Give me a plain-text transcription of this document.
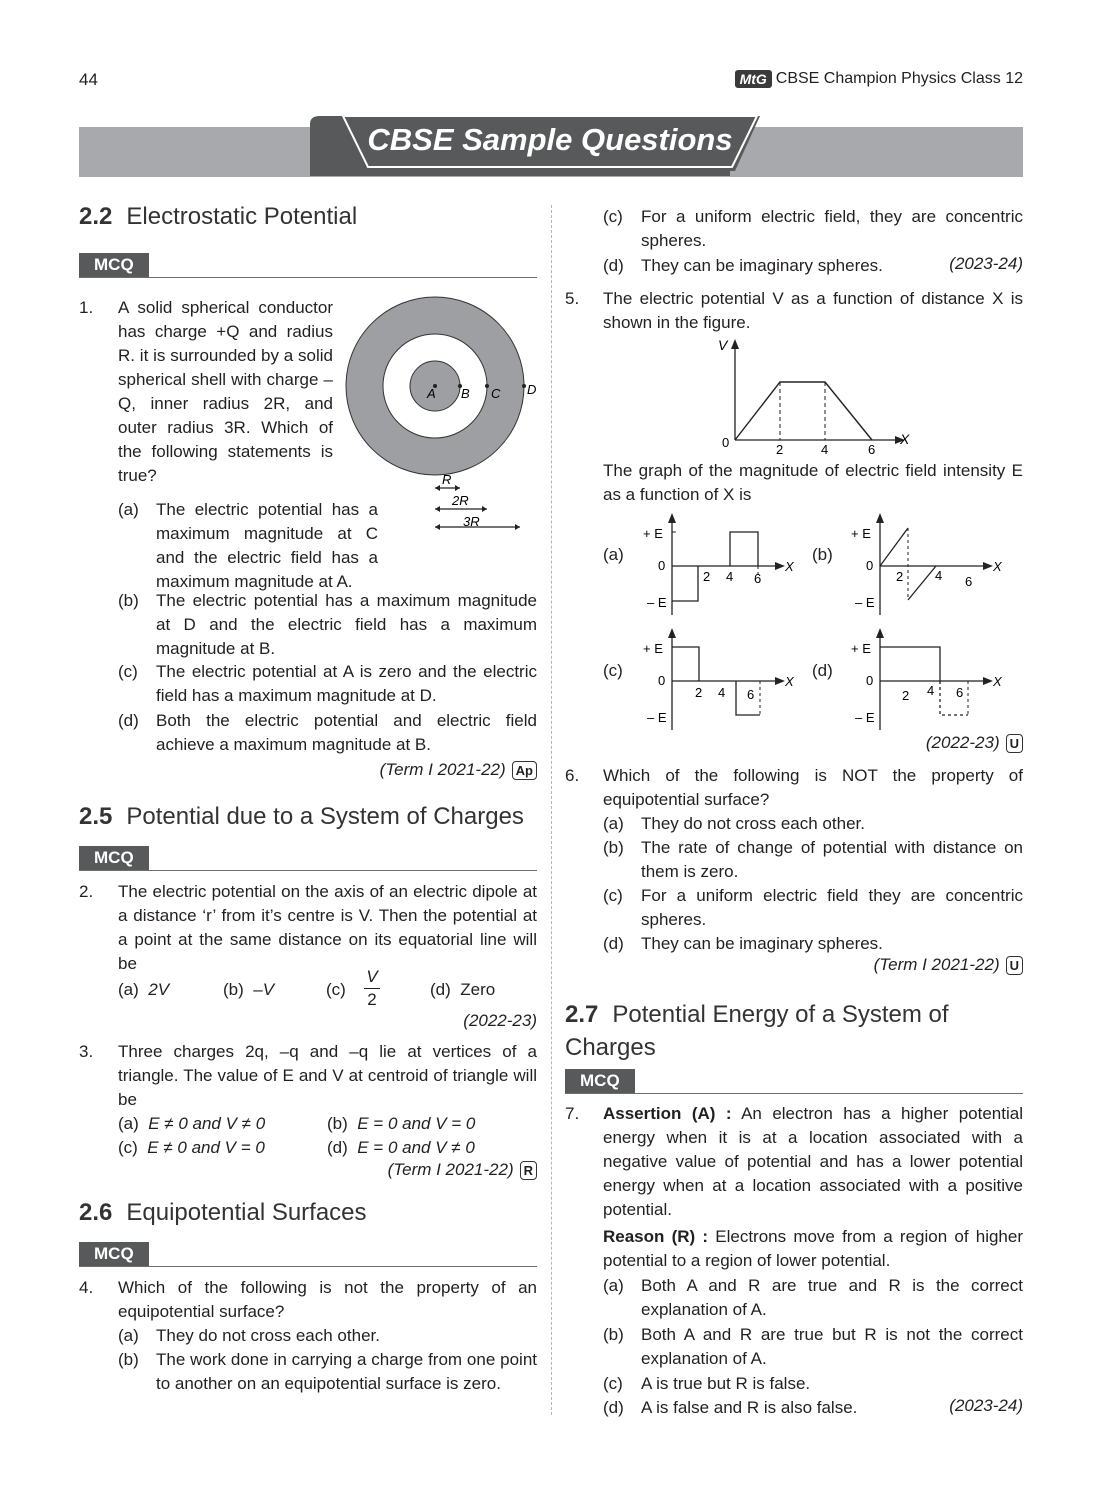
44	MtG CBSE Champion Physics Class 12
CBSE Sample Questions
2.2 Electrostatic Potential
MCQ
1.	A solid spherical conductor has charge +Q and radius R. it is surrounded by a solid spherical shell with charge –Q, inner radius 2R, and outer radius 3R. Which of the following statements is true?
A B C D
R
2R
3R
(a)	The electric potential has a maximum magnitude at C and the electric field has a maximum magnitude at A.
(b)	The electric potential has a maximum magnitude at D and the electric field has a maximum magnitude at B.
(c)	The electric potential at A is zero and the electric field has a maximum magnitude at D.
(d)	Both the electric potential and electric field achieve a maximum magnitude at B.
(Term I 2021-22) Ap
2.5 Potential due to a System of Charges
MCQ
2.	The electric potential on the axis of an electric dipole at a distance ‘r’ from it’s centre is V. Then the potential at a point at the same distance on its equatorial line will be
(a) 2V	(b) –V	$(c) \frac{V}{2}$	(d) Zero
(2022-23)
3.	Three charges 2q, –q and –q lie at vertices of a triangle. The value of E and V at centroid of triangle will be
(a) E ≠ 0 and V ≠ 0	(b) E = 0 and V = 0
(c) E ≠ 0 and V = 0	(d) E = 0 and V ≠ 0
(Term I 2021-22) R
2.6 Equipotential Surfaces
MCQ
4.	Which of the following is not the property of an equipotential surface?
(a)	They do not cross each other.
(b)	The work done in carrying a charge from one point to another on an equipotential surface is zero.
(c)	For a uniform electric field, they are concentric spheres.
(d)	They can be imaginary spheres.	(2023-24)
5.	The electric potential V as a function of distance X is shown in the figure.
V
X
0	2	4	6
The graph of the magnitude of electric field intensity E as a function of X is
(a)	(b)
(c)	(d)
+ E
0
– E
X
2 4 6
+ E
0
– E
X
2 4 6
+ E
0
– E
X
2 4 6
+ E
0
– E
X
2 4 6
(2022-23) U
6.	Which of the following is NOT the property of equipotential surface?
(a)	They do not cross each other.
(b)	The rate of change of potential with distance on them is zero.
(c)	For a uniform electric field they are concentric spheres.
(d)	They can be imaginary spheres.
(Term I 2021-22) U
2.7 Potential Energy of a System of Charges
MCQ
7.	Assertion (A) : An electron has a higher potential energy when it is at a location associated with a negative value of potential and has a lower potential energy when at a location associated with a positive potential.
Reason (R) : Electrons move from a region of higher potential to a region of lower potential.
(a)	Both A and R are true and R is the correct explanation of A.
(b)	Both A and R are true but R is not the correct explanation of A.
(c)	A is true but R is false.
(d)	A is false and R is also false.	(2023-24)
